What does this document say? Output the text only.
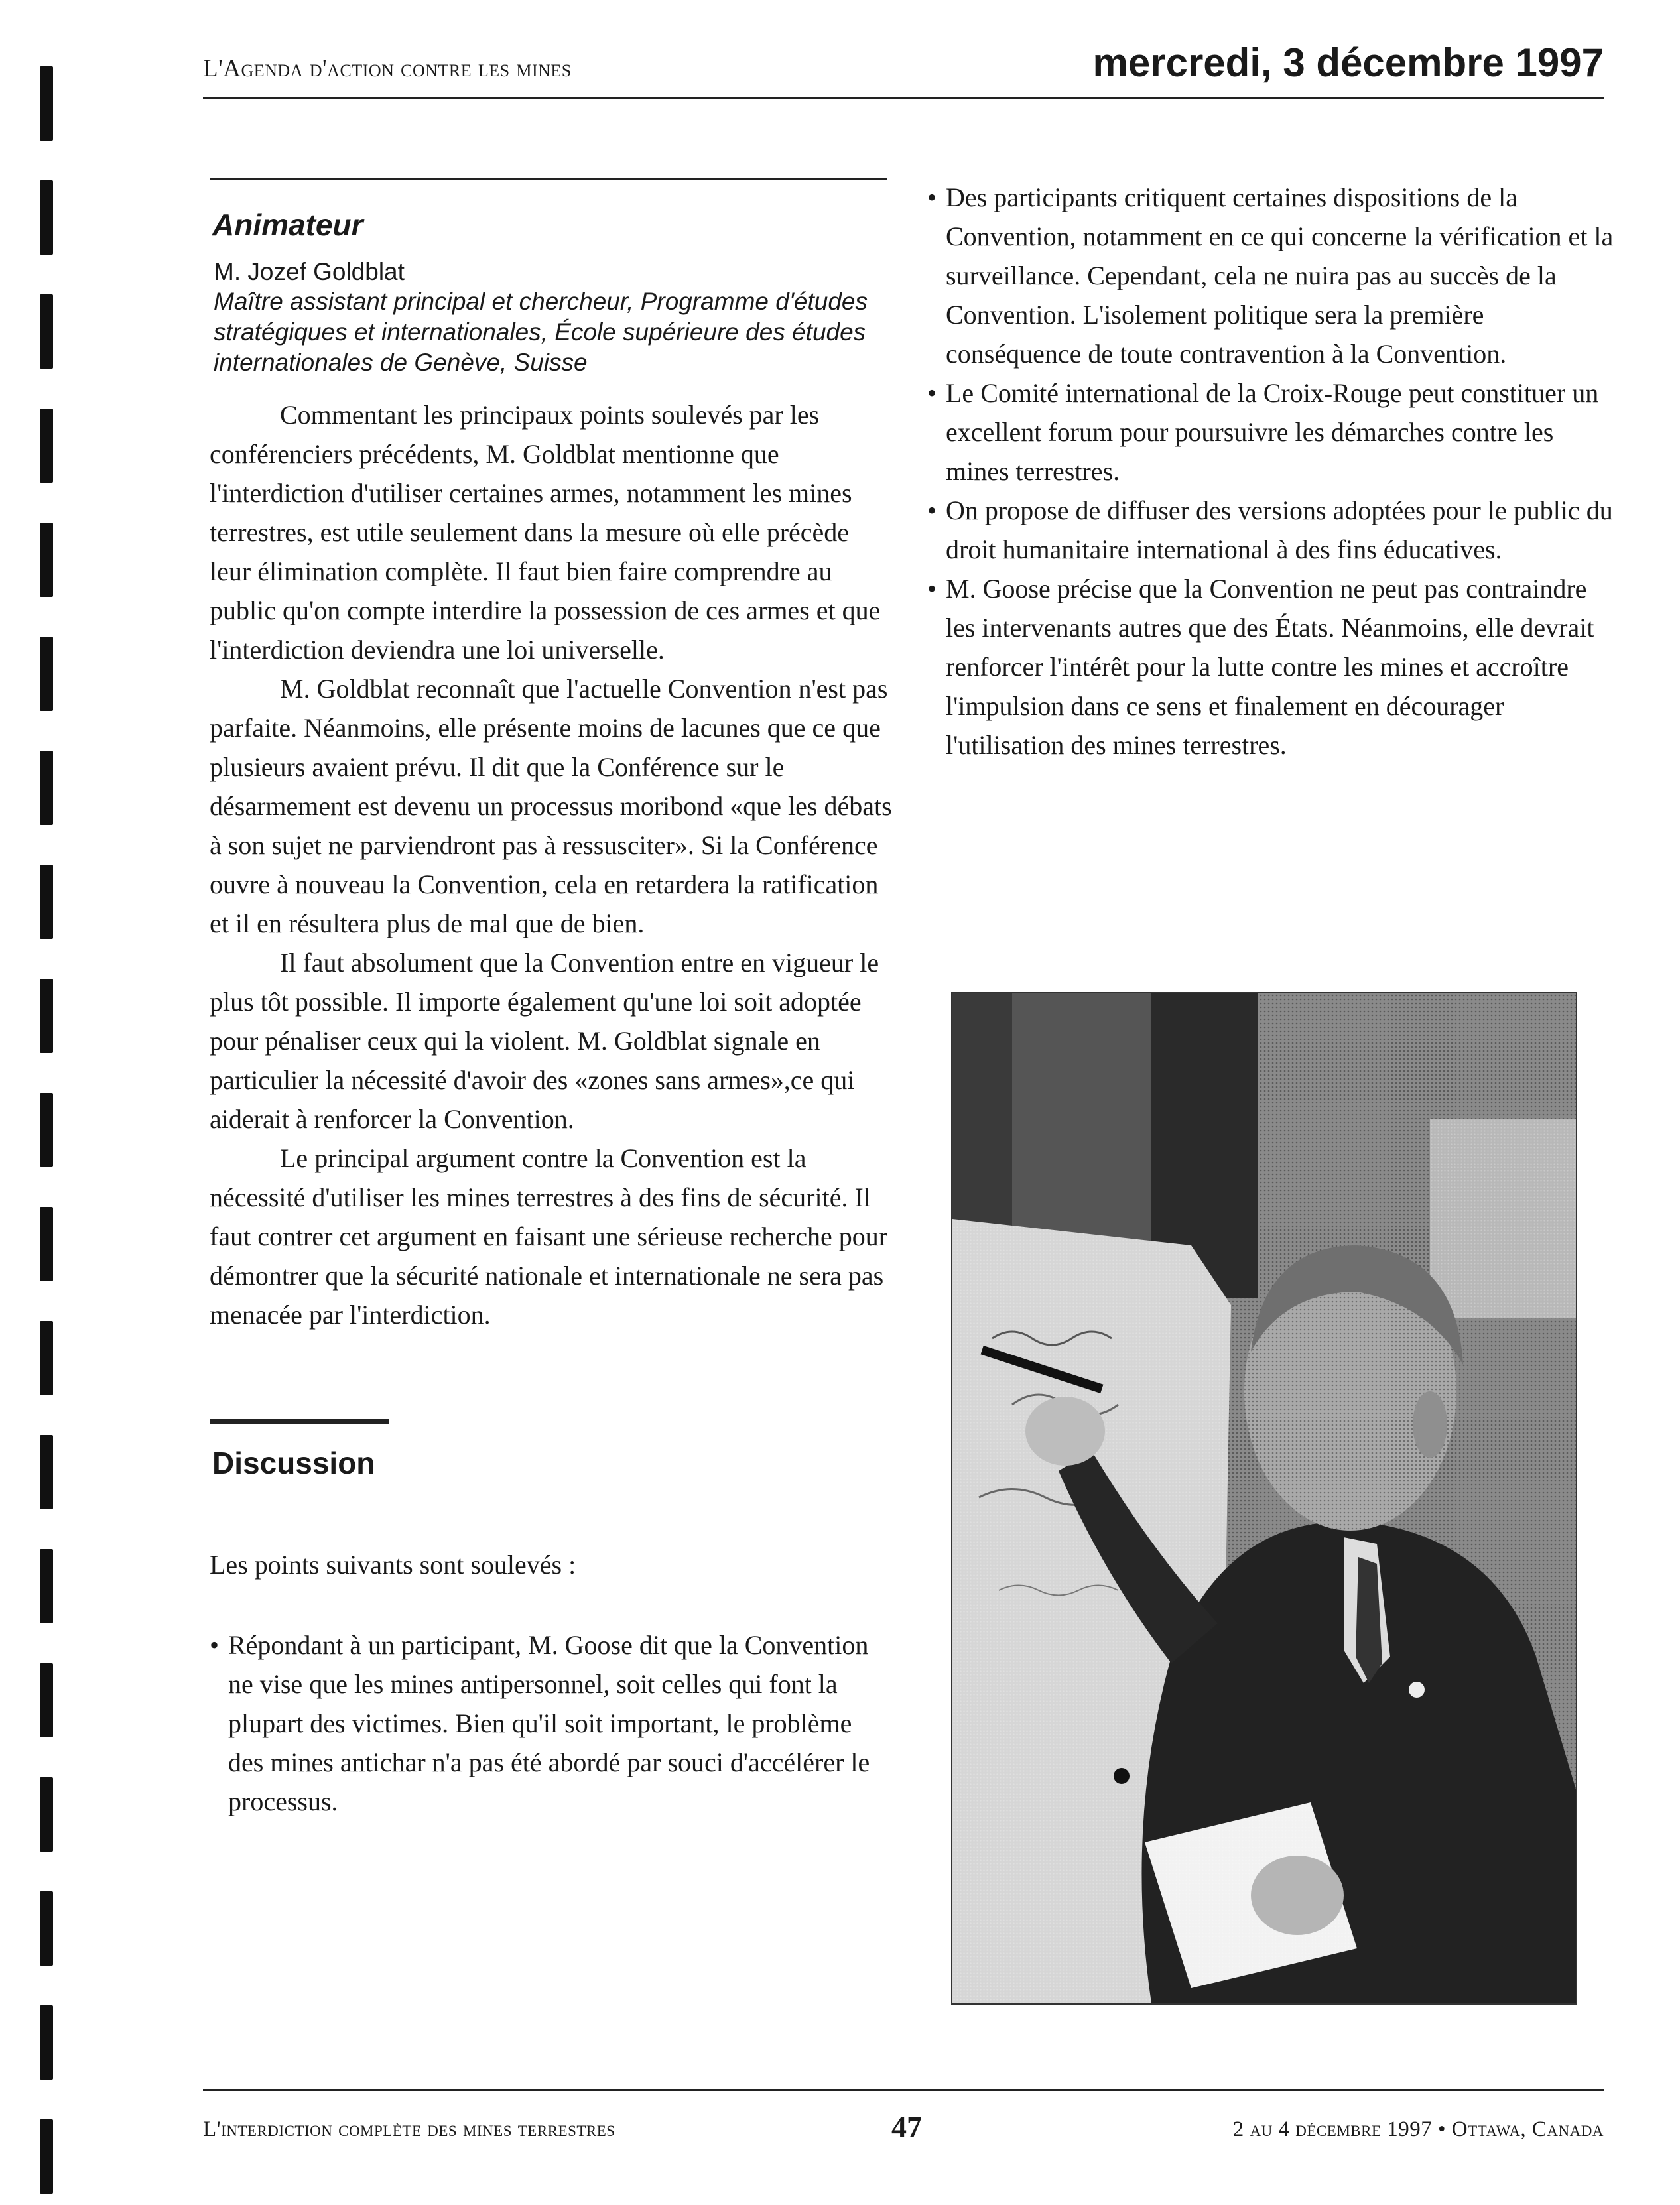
L'Agenda d'action contre les mines	mercredi, 3 décembre 1997
Animateur
M. Jozef Goldblat
Maître assistant principal et chercheur, Programme d'études stratégiques et internationales, École supérieure des études internationales de Genève, Suisse

Commentant les principaux points soulevés par les conférenciers précédents, M. Goldblat mentionne que l'interdiction d'utiliser certaines armes, notamment les mines terrestres, est utile seulement dans la mesure où elle précède leur élimination complète. Il faut bien faire comprendre au public qu'on compte interdire la possession de ces armes et que l'interdiction deviendra une loi universelle.

M. Goldblat reconnaît que l'actuelle Convention n'est pas parfaite. Néanmoins, elle présente moins de lacunes que ce que plusieurs avaient prévu. Il dit que la Conférence sur le désarmement est devenu un processus moribond «que les débats à son sujet ne parviendront pas à ressusciter». Si la Conférence ouvre à nouveau la Convention, cela en retardera la ratification et il en résultera plus de mal que de bien.

Il faut absolument que la Convention entre en vigueur le plus tôt possible. Il importe également qu'une loi soit adoptée pour pénaliser ceux qui la violent. M. Goldblat signale en particulier la nécessité d'avoir des «zones sans armes»,ce qui aiderait à renforcer la Convention.

Le principal argument contre la Convention est la nécessité d'utiliser les mines terrestres à des fins de sécurité. Il faut contrer cet argument en faisant une sérieuse recherche pour démontrer que la sécurité nationale et internationale ne sera pas menacée par l'interdiction.

Discussion

Les points suivants sont soulevés :

• Répondant à un participant, M. Goose dit que la Convention ne vise que les mines antipersonnel, soit celles qui font la plupart des victimes. Bien qu'il soit important, le problème des mines antichar n'a pas été abordé par souci d'accélérer le processus.
• Des participants critiquent certaines dispositions de la Convention, notamment en ce qui concerne la vérification et la surveillance. Cependant, cela ne nuira pas au succès de la Convention. L'isolement politique sera la première conséquence de toute contravention à la Convention.
• Le Comité international de la Croix-Rouge peut constituer un excellent forum pour poursuivre les démarches contre les mines terrestres.
• On propose de diffuser des versions adoptées pour le public du droit humanitaire international à des fins éducatives.
• M. Goose précise que la Convention ne peut pas contraindre les intervenants autres que des États. Néanmoins, elle devrait renforcer l'intérêt pour la lutte contre les mines et accroître l'impulsion dans ce sens et finalement en décourager l'utilisation des mines terrestres.
L'interdiction complète des mines terrestres	47	2 au 4 décembre 1997 • Ottawa, Canada
